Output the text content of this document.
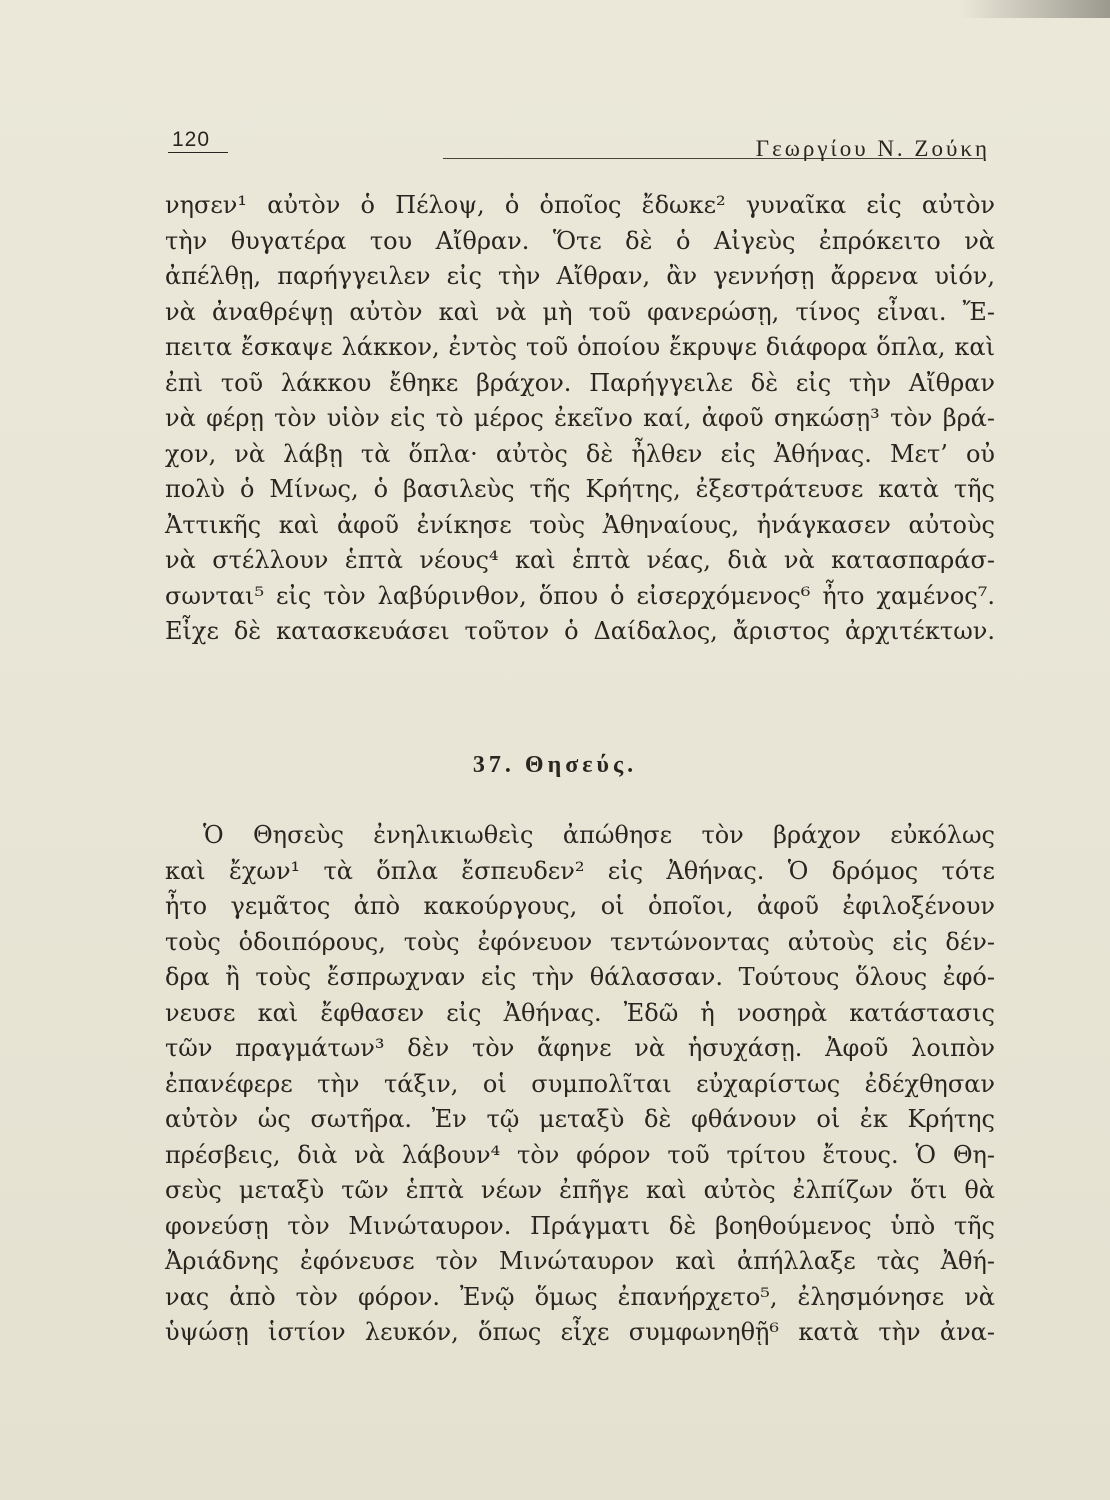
120	Γεωργίου Ν. Ζούκη
νησεν¹ αὐτὸν ὁ Πέλοψ, ὁ ὁποῖος ἔδωκε² γυναῖκα εἰς αὐτὸν
τὴν θυγατέρα του Αἴθραν. Ὅτε δὲ ὁ Αἰγεὺς ἐπρόκειτο νὰ
ἀπέλθῃ, παρήγγειλεν εἰς τὴν Αἴθραν, ἂν γεννήσῃ ἄρρενα υἱόν,
νὰ ἀναθρέψῃ αὐτὸν καὶ νὰ μὴ τοῦ φανερώσῃ, τίνος εἶναι. Ἔ-
πειτα ἔσκαψε λάκκον, ἐντὸς τοῦ ὁποίου ἔκρυψε διάφορα ὅπλα, καὶ
ἐπὶ τοῦ λάκκου ἔθηκε βράχον. Παρήγγειλε δὲ εἰς τὴν Αἴθραν
νὰ φέρῃ τὸν υἱὸν εἰς τὸ μέρος ἐκεῖνο καί, ἀφοῦ σηκώσῃ³ τὸν βρά-
χον, νὰ λάβῃ τὰ ὅπλα· αὐτὸς δὲ ἦλθεν εἰς Ἀθήνας. Μετ’ οὐ
πολὺ ὁ Μίνως, ὁ βασιλεὺς τῆς Κρήτης, ἐξεστράτευσε κατὰ τῆς
Ἀττικῆς καὶ ἀφοῦ ἐνίκησε τοὺς Ἀθηναίους, ἠνάγκασεν αὐτοὺς
νὰ στέλλουν ἑπτὰ νέους⁴ καὶ ἑπτὰ νέας, διὰ νὰ κατασπαράσ-
σωνται⁵ εἰς τὸν λαβύρινθον, ὅπου ὁ εἰσερχόμενος⁶ ἦτο χαμένος⁷.
Εἶχε δὲ κατασκευάσει τοῦτον ὁ Δαίδαλος, ἄριστος ἀρχιτέκτων.
37. Θησεύς.
Ὁ Θησεὺς ἐνηλικιωθεὶς ἀπώθησε τὸν βράχον εὐκόλως
καὶ ἔχων¹ τὰ ὅπλα ἔσπευδεν² εἰς Ἀθήνας. Ὁ δρόμος τότε
ἦτο γεμᾶτος ἀπὸ κακούργους, οἱ ὁποῖοι, ἀφοῦ ἐφιλοξένουν
τοὺς ὁδοιπόρους, τοὺς ἐφόνευον τεντώνοντας αὐτοὺς εἰς δέν-
δρα ἢ τοὺς ἔσπρωχναν εἰς τὴν θάλασσαν. Τούτους ὅλους ἐφό-
νευσε καὶ ἔφθασεν εἰς Ἀθήνας. Ἐδῶ ἡ νοσηρὰ κατάστασις
τῶν πραγμάτων³ δὲν τὸν ἄφηνε νὰ ἡσυχάσῃ. Ἀφοῦ λοιπὸν
ἐπανέφερε τὴν τάξιν, οἱ συμπολῖται εὐχαρίστως ἐδέχθησαν
αὐτὸν ὡς σωτῆρα. Ἐν τῷ μεταξὺ δὲ φθάνουν οἱ ἐκ Κρήτης
πρέσβεις, διὰ νὰ λάβουν⁴ τὸν φόρον τοῦ τρίτου ἔτους. Ὁ Θη-
σεὺς μεταξὺ τῶν ἑπτὰ νέων ἐπῆγε καὶ αὐτὸς ἐλπίζων ὅτι θὰ
φονεύσῃ τὸν Μινώταυρον. Πράγματι δὲ βοηθούμενος ὑπὸ τῆς
Ἀριάδνης ἐφόνευσε τὸν Μινώταυρον καὶ ἀπήλλαξε τὰς Ἀθή-
νας ἀπὸ τὸν φόρον. Ἐνῷ ὅμως ἐπανήρχετο⁵, ἐλησμόνησε νὰ
ὑψώσῃ ἱστίον λευκόν, ὅπως εἶχε συμφωνηθῇ⁶ κατὰ τὴν ἀνα-
